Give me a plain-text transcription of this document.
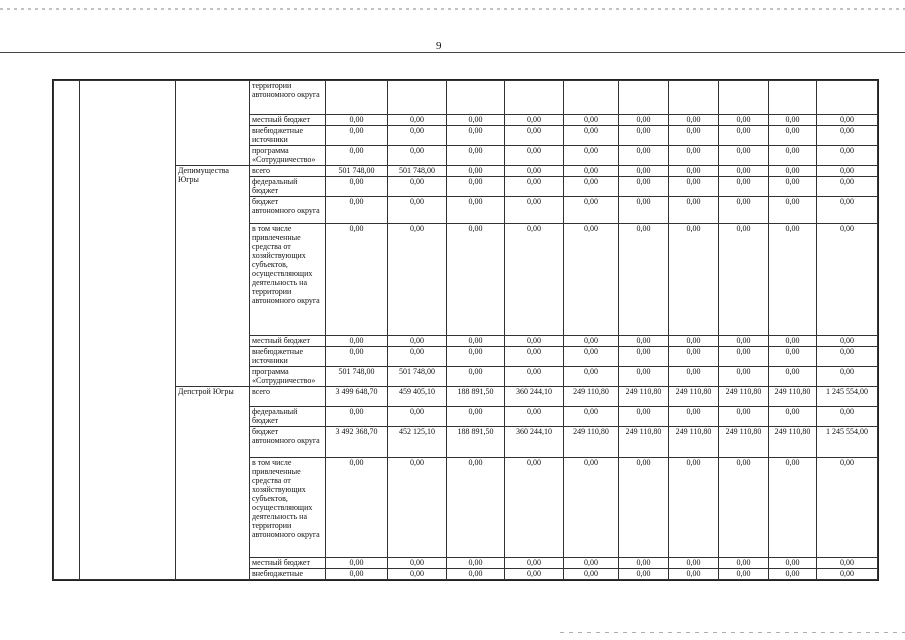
9
			территории автономного округа										
			местный бюджет	0,00	0,00	0,00	0,00	0,00	0,00	0,00	0,00	0,00	0,00
			внебюджетные источники	0,00	0,00	0,00	0,00	0,00	0,00	0,00	0,00	0,00	0,00
			программа «Сотрудничество»	0,00	0,00	0,00	0,00	0,00	0,00	0,00	0,00	0,00	0,00
		Депимущества Югры	всего	501 748,00	501 748,00	0,00	0,00	0,00	0,00	0,00	0,00	0,00	0,00
			федеральный бюджет	0,00	0,00	0,00	0,00	0,00	0,00	0,00	0,00	0,00	0,00
			бюджет автономного округа	0,00	0,00	0,00	0,00	0,00	0,00	0,00	0,00	0,00	0,00
			в том числе привлеченные средства от хозяйствующих субъектов, осуществляющих деятельность на территории автономного округа	0,00	0,00	0,00	0,00	0,00	0,00	0,00	0,00	0,00	0,00
			местный бюджет	0,00	0,00	0,00	0,00	0,00	0,00	0,00	0,00	0,00	0,00
			внебюджетные источники	0,00	0,00	0,00	0,00	0,00	0,00	0,00	0,00	0,00	0,00
			программа «Сотрудничество»	501 748,00	501 748,00	0,00	0,00	0,00	0,00	0,00	0,00	0,00	0,00
		Депстрой Югры	всего	3 499 648,70	459 405,10	188 891,50	360 244,10	249 110,80	249 110,80	249 110,80	249 110,80	249 110,80	1 245 554,00
			федеральный бюджет	0,00	0,00	0,00	0,00	0,00	0,00	0,00	0,00	0,00	0,00
			бюджет автономного округа	3 492 368,70	452 125,10	188 891,50	360 244,10	249 110,80	249 110,80	249 110,80	249 110,80	249 110,80	1 245 554,00
			в том числе привлеченные средства от хозяйствующих субъектов, осуществляющих деятельность на территории автономного округа	0,00	0,00	0,00	0,00	0,00	0,00	0,00	0,00	0,00	0,00
			местный бюджет	0,00	0,00	0,00	0,00	0,00	0,00	0,00	0,00	0,00	0,00
			внебюджетные	0,00	0,00	0,00	0,00	0,00	0,00	0,00	0,00	0,00	0,00
